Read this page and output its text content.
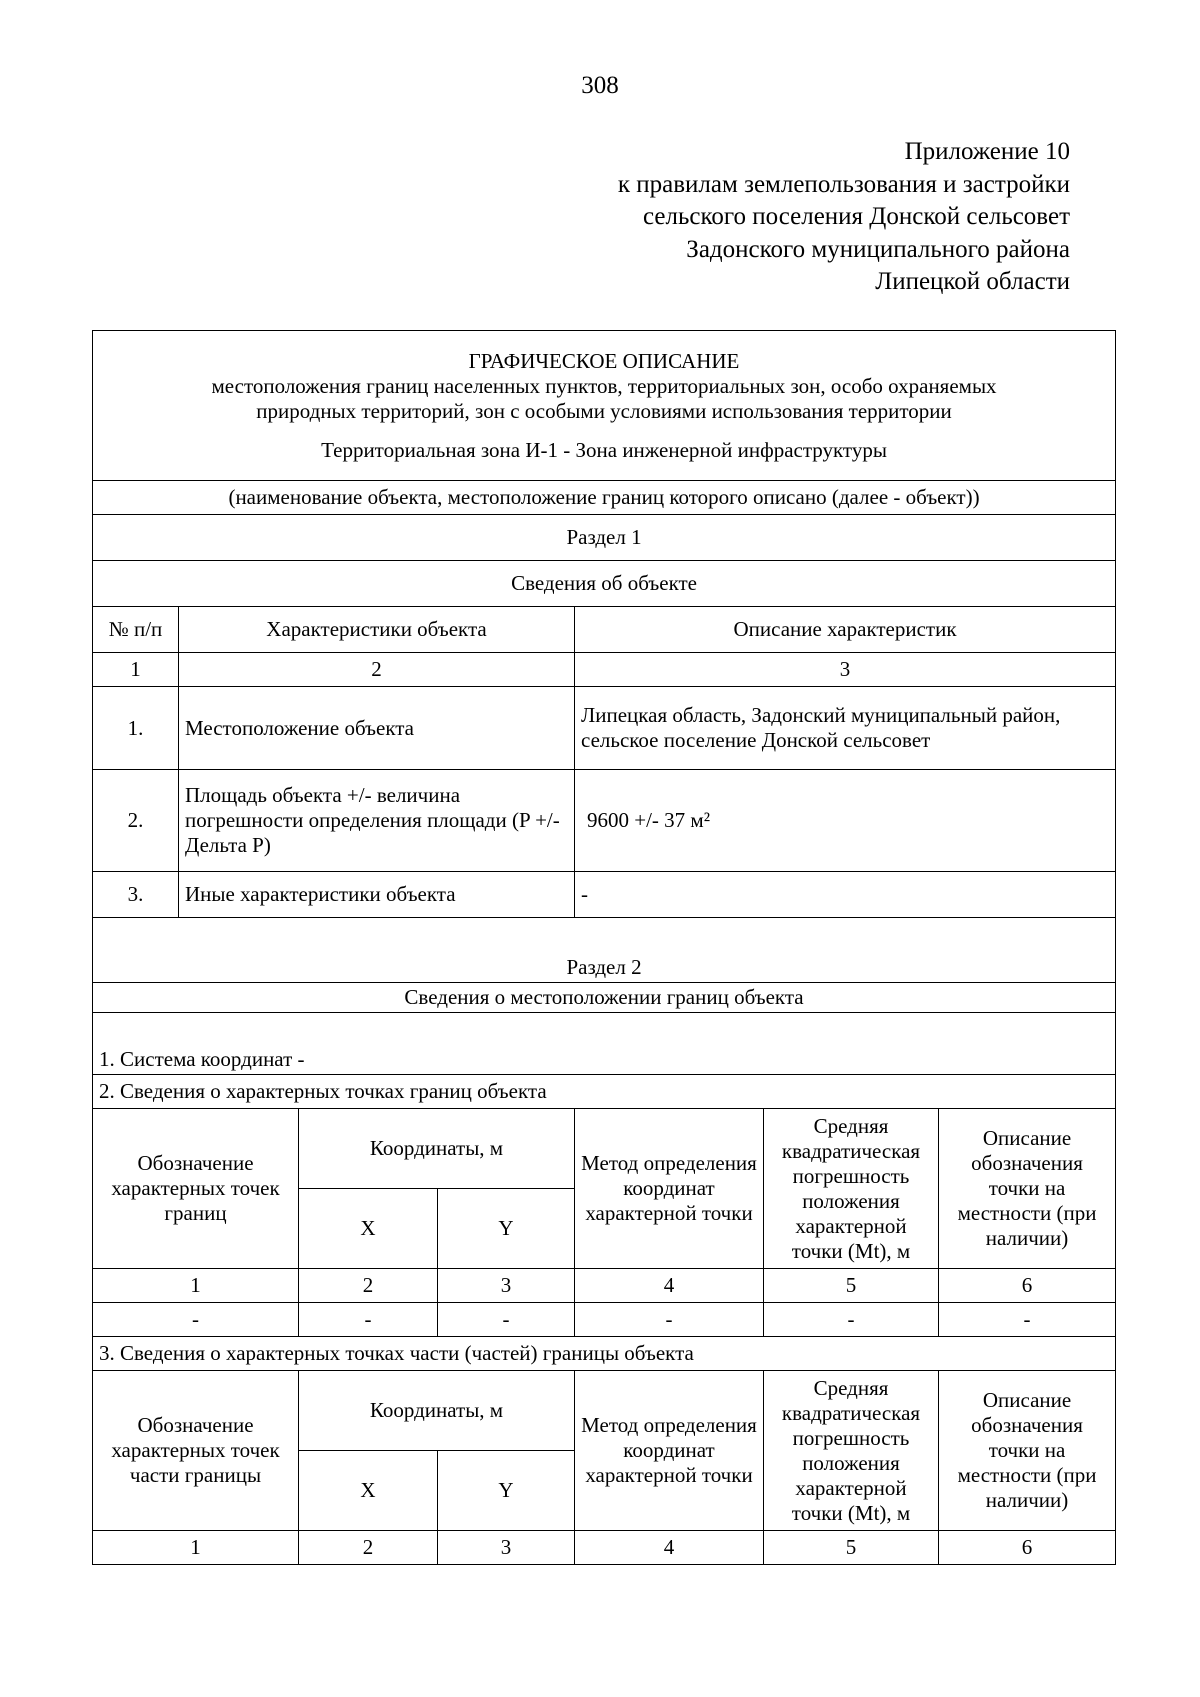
308
Приложение 10
к правилам землепользования и застройки
сельского поселения Донской сельсовет
Задонского муниципального района
Липецкой области
ГРАФИЧЕСКОЕ ОПИСАНИЕ
местоположения границ населенных пунктов, территориальных зон, особо охраняемых
природных территорий, зон с особыми условиями использования территории
Территориальная зона И-1 - Зона инженерной инфраструктуры						

(наименование объекта, местоположение границ которого описано (далее - объект))						
Раздел 1						
Сведения об объекте						
№ п/п	Характеристики объекта			Описание характеристик		
1	2			3		
1.	Местоположение объекта			Липецкая область, Задонский муниципальный район, сельское поселение Донской сельсовет		
2.	Площадь объекта +/- величина погрешности определения площади (P +/- Дельта P)			9600 +/- 37 м²		
3.	Иные характеристики объекта			-		
Раздел 2						
Сведения о местоположении границ объекта						
1. Система координат -						
2. Сведения о характерных точках границ объекта						
Обозначение характерных точек границ		Координаты, м		Метод определения координат характерной точки	Средняя квадратическая погрешность положения характерной точки (Mt), м	Описание обозначения точки на местности (при наличии)
		X	Y			
1		2	3	4	5	6
-		-	-	-	-	-
3. Сведения о характерных точках части (частей) границы объекта						
Обозначение характерных точек части границы		Координаты, м		Метод определения координат характерной точки	Средняя квадратическая погрешность положения характерной точки (Mt), м	Описание обозначения точки на местности (при наличии)
		X	Y			
1		2	3	4	5	6
